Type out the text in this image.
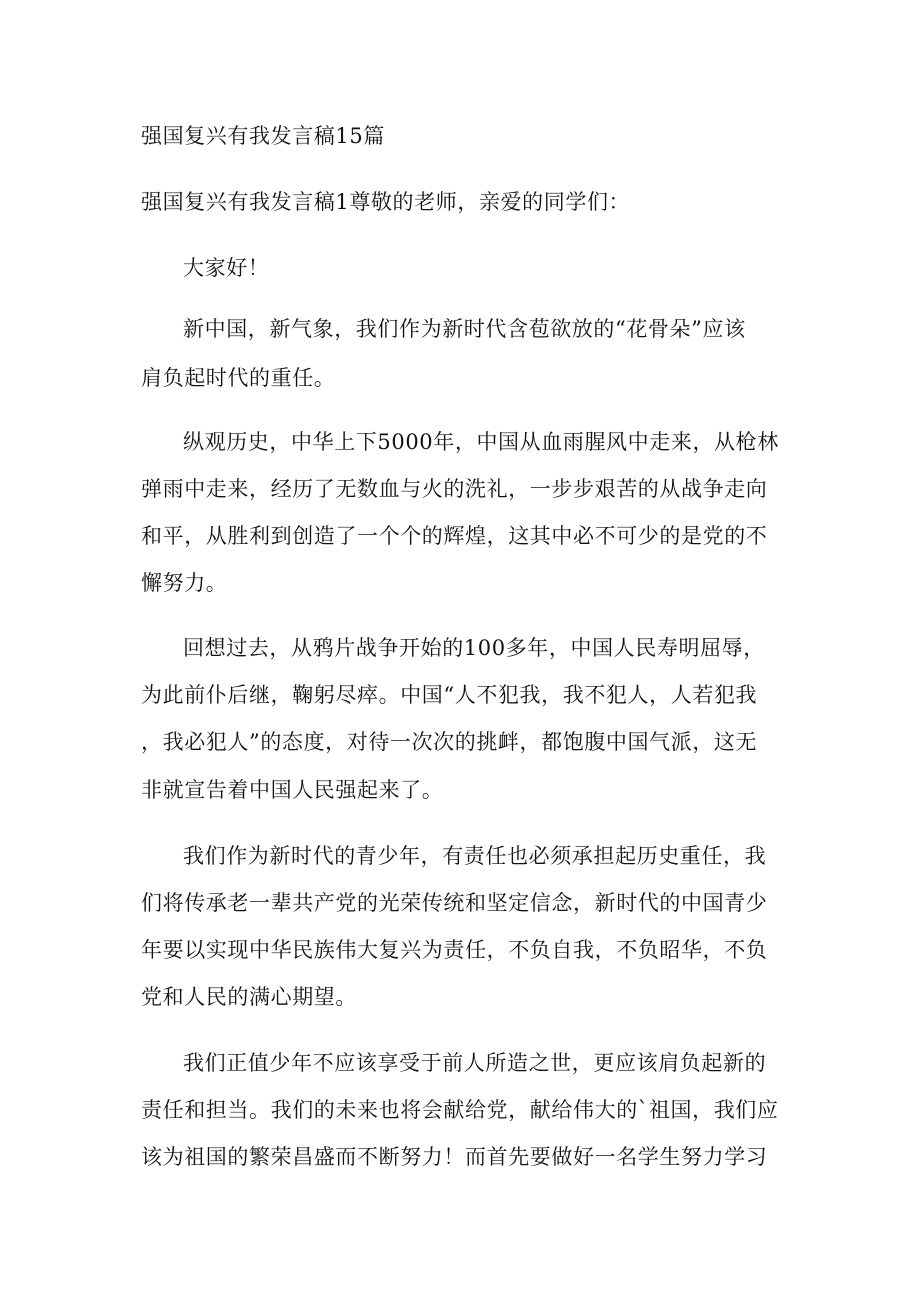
强国复兴有我发言稿15篇
强国复兴有我发言稿1尊敬的老师，亲爱的同学们：
大家好！
新中国，新气象，我们作为新时代含苞欲放的“花骨朵”应该
肩负起时代的重任。
纵观历史，中华上下5000年，中国从血雨腥风中走来，从枪林
弹雨中走来，经历了无数血与火的洗礼，一步步艰苦的从战争走向
和平，从胜利到创造了一个个的辉煌，这其中必不可少的是党的不
懈努力。
回想过去，从鸦片战争开始的100多年，中国人民寿明屈辱，
为此前仆后继，鞠躬尽瘁。中国“人不犯我，我不犯人，人若犯我
，我必犯人”的态度，对待一次次的挑衅，都饱腹中国气派，这无
非就宣告着中国人民强起来了。
我们作为新时代的青少年，有责任也必须承担起历史重任，我
们将传承老一辈共产党的光荣传统和坚定信念，新时代的中国青少
年要以实现中华民族伟大复兴为责任，不负自我，不负昭华，不负
党和人民的满心期望。
我们正值少年不应该享受于前人所造之世，更应该肩负起新的
责任和担当。我们的未来也将会献给党，献给伟大的`祖国，我们应
该为祖国的繁荣昌盛而不断努力！而首先要做好一名学生努力学习
